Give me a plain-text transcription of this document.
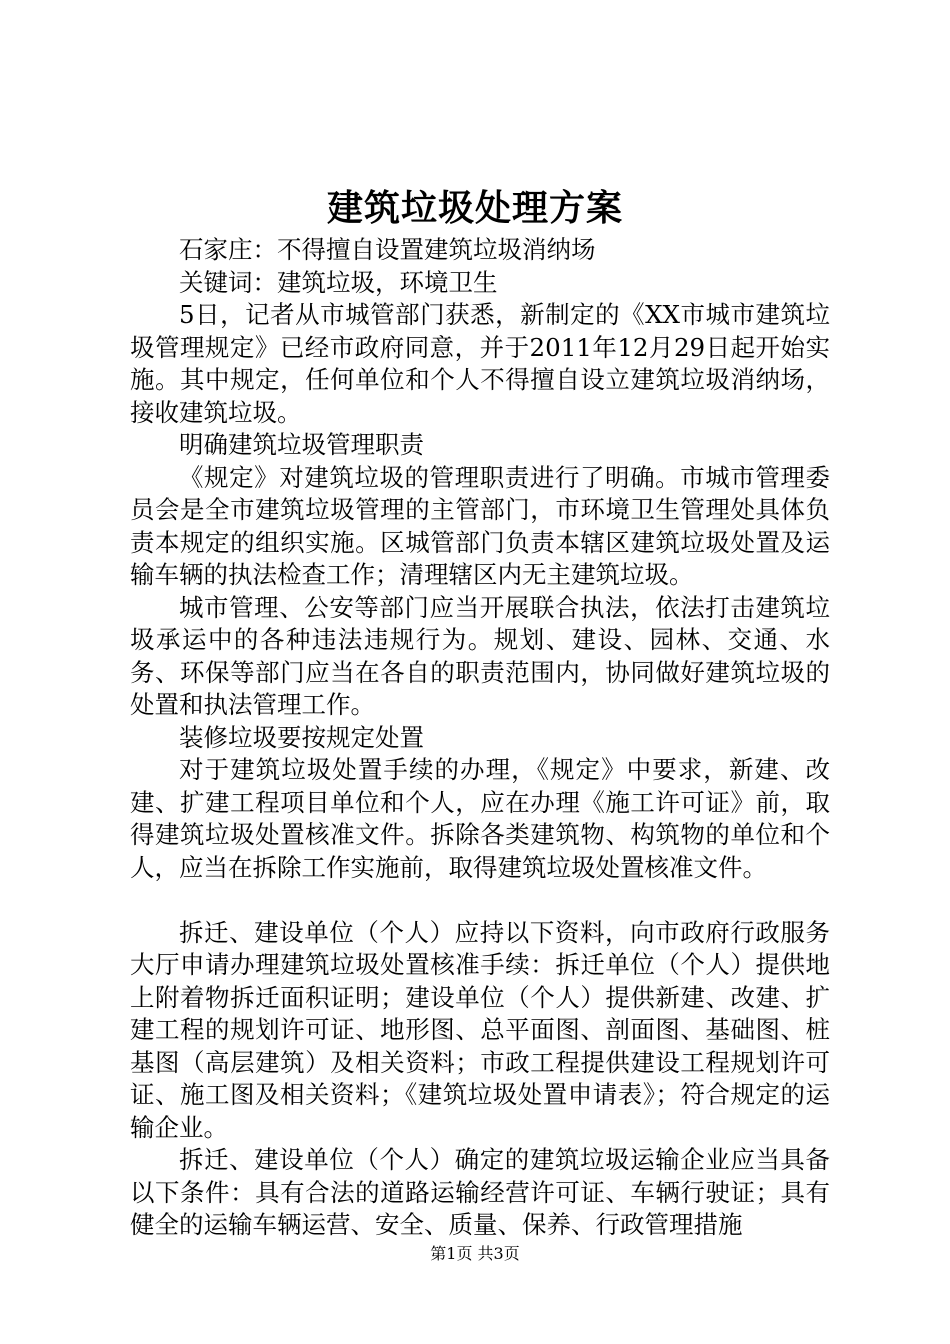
建筑垃圾处理方案

石家庄：不得擅自设置建筑垃圾消纳场

关键词：建筑垃圾，环境卫生

5日，记者从市城管部门获悉，新制定的《XX市城市建筑垃圾管理规定》已经市政府同意，并于2011年12月29日起开始实施。其中规定，任何单位和个人不得擅自设立建筑垃圾消纳场，接收建筑垃圾。

明确建筑垃圾管理职责

《规定》对建筑垃圾的管理职责进行了明确。市城市管理委员会是全市建筑垃圾管理的主管部门，市环境卫生管理处具体负责本规定的组织实施。区城管部门负责本辖区建筑垃圾处置及运输车辆的执法检查工作；清理辖区内无主建筑垃圾。

城市管理、公安等部门应当开展联合执法，依法打击建筑垃圾承运中的各种违法违规行为。规划、建设、园林、交通、水务、环保等部门应当在各自的职责范围内，协同做好建筑垃圾的处置和执法管理工作。

装修垃圾要按规定处置

对于建筑垃圾处置手续的办理，《规定》中要求，新建、改建、扩建工程项目单位和个人，应在办理《施工许可证》前，取得建筑垃圾处置核准文件。拆除各类建筑物、构筑物的单位和个人，应当在拆除工作实施前，取得建筑垃圾处置核准文件。

拆迁、建设单位（个人）应持以下资料，向市政府行政服务大厅申请办理建筑垃圾处置核准手续：拆迁单位（个人）提供地上附着物拆迁面积证明；建设单位（个人）提供新建、改建、扩建工程的规划许可证、地形图、总平面图、剖面图、基础图、桩基图（高层建筑）及相关资料；市政工程提供建设工程规划许可证、施工图及相关资料；《建筑垃圾处置申请表》；符合规定的运输企业。

拆迁、建设单位（个人）确定的建筑垃圾运输企业应当具备以下条件：具有合法的道路运输经营许可证、车辆行驶证；具有健全的运输车辆运营、安全、质量、保养、行政管理措施

第1页 共3页
